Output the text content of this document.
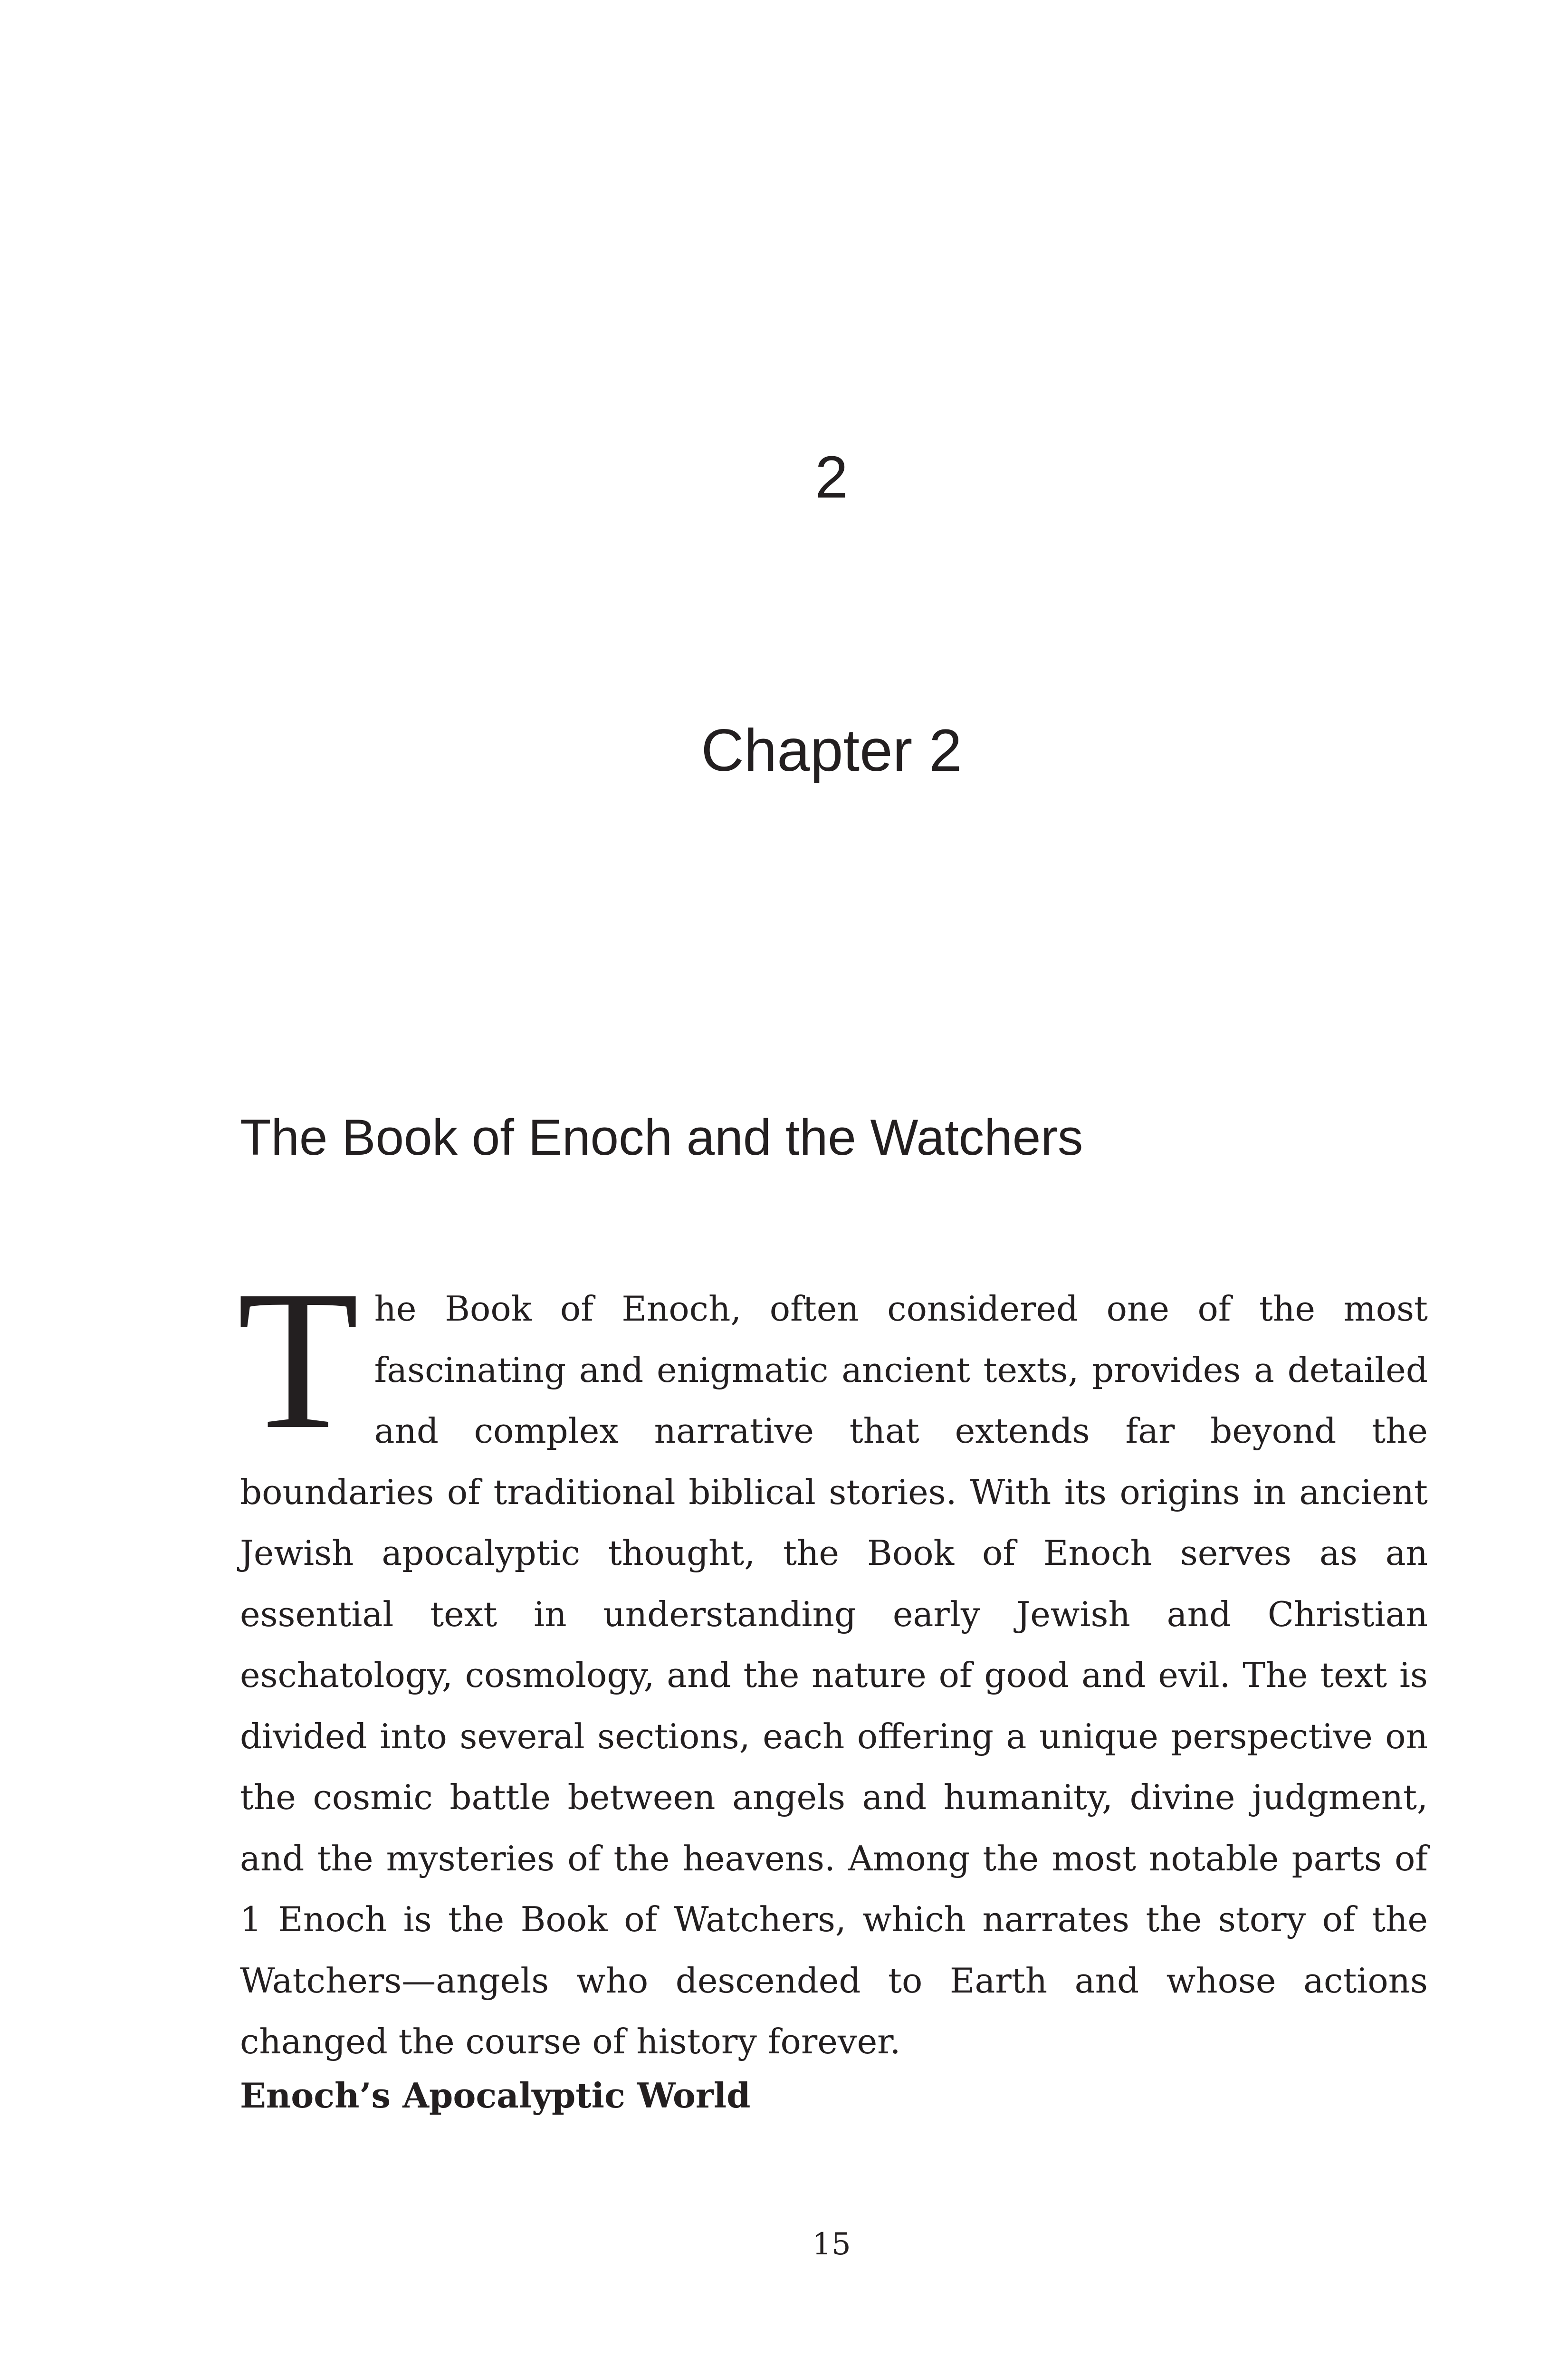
2
Chapter 2
The Book of Enoch and the Watchers

The Book of Enoch, often considered one of the most fascinating and enigmatic ancient texts, provides a detailed and complex narrative that extends far beyond the boundaries of traditional biblical stories. With its origins in ancient Jewish apocalyptic thought, the Book of Enoch serves as an essential text in understanding early Jewish and Christian eschatology, cosmology, and the nature of good and evil. The text is divided into several sections, each offering a unique perspective on the cosmic battle between angels and humanity, divine judgment, and the mysteries of the heavens. Among the most notable parts of 1 Enoch is the Book of Watchers, which narrates the story of the Watchers—angels who descended to Earth and whose actions changed the course of history forever.

Enoch’s Apocalyptic World
15
